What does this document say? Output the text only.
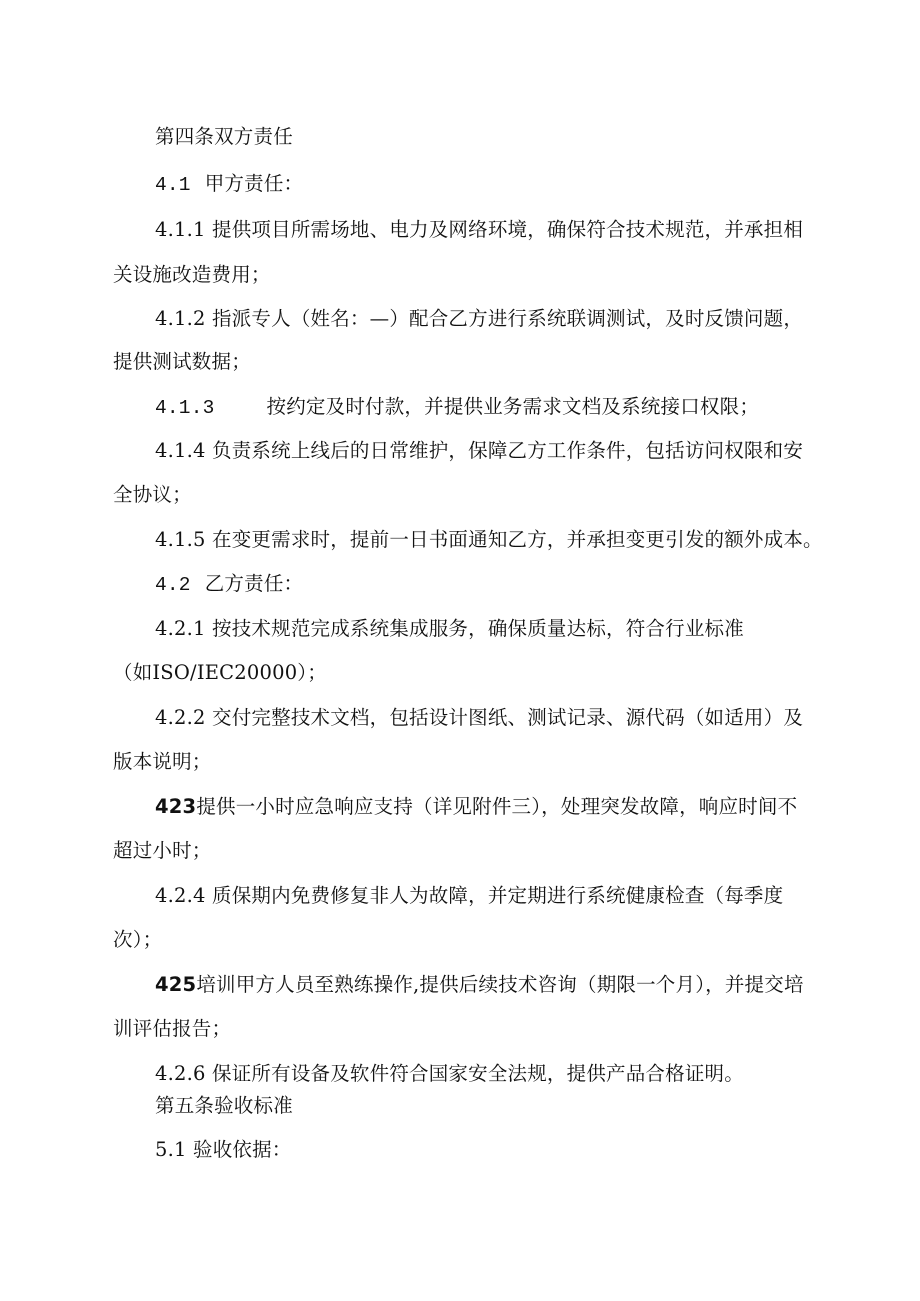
第四条双方责任
4.1 甲方责任：
4.1.1 提供项目所需场地、电力及网络环境，确保符合技术规范，并承担相
关设施改造费用；
4.1.2 指派专人（姓名：—）配合乙方进行系统联调测试，及时反馈问题，
提供测试数据；
4.1.3	按约定及时付款，并提供业务需求文档及系统接口权限；
4.1.4 负责系统上线后的日常维护，保障乙方工作条件，包括访问权限和安
全协议；
4.1.5 在变更需求时，提前一日书面通知乙方，并承担变更引发的额外成本。
4.2 乙方责任：
4.2.1 按技术规范完成系统集成服务，确保质量达标，符合行业标准
（如ISO/IEC20000）；
4.2.2 交付完整技术文档，包括设计图纸、测试记录、源代码（如适用）及
版本说明；
423提供一小时应急响应支持（详见附件三），处理突发故障，响应时间不
超过小时；
4.2.4 质保期内免费修复非人为故障，并定期进行系统健康检查（每季度
次）；
425培训甲方人员至熟练操作,提供后续技术咨询（期限一个月），并提交培
训评估报告；
4.2.6 保证所有设备及软件符合国家安全法规，提供产品合格证明。
第五条验收标准
5.1 验收依据：
